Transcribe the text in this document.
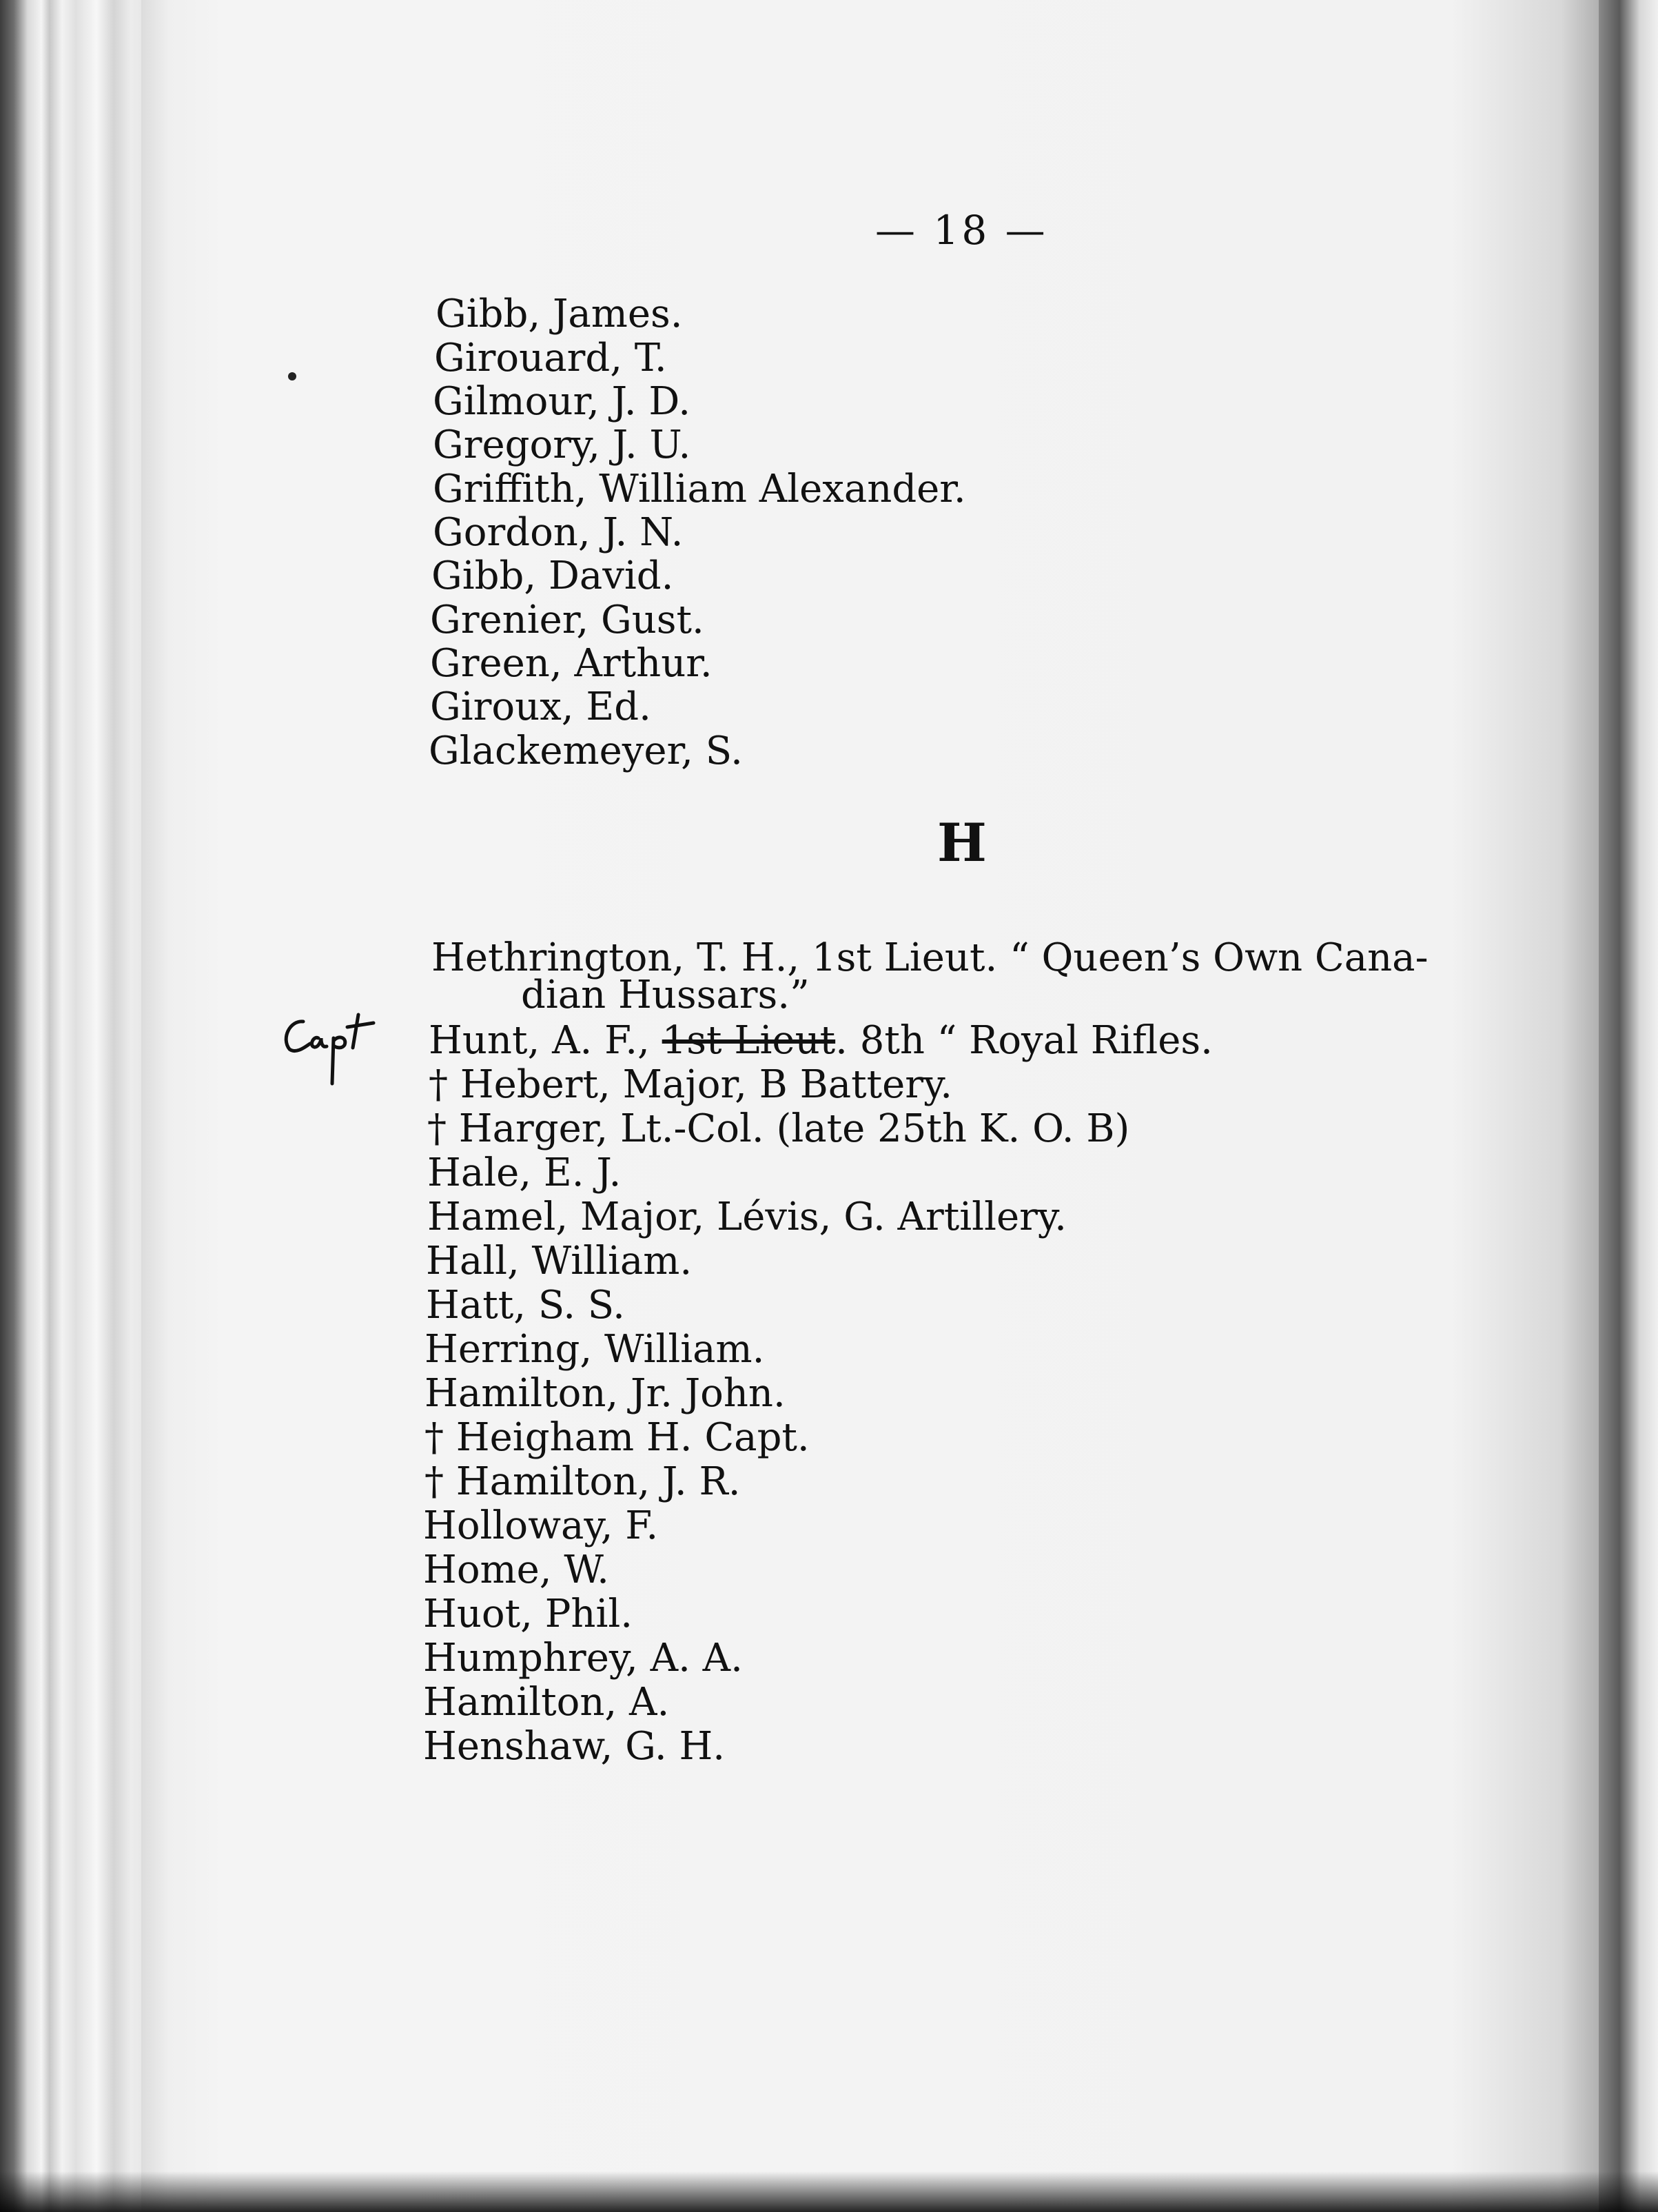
— 18 —
Gibb, James.
Girouard, T.
Gilmour, J. D.
Gregory, J. U.
Griffith, William Alexander.
Gordon, J. N.
Gibb, David.
Grenier, Gust.
Green, Arthur.
Giroux, Ed.
Glackemeyer, S.
H
Hethrington, T. H., 1st Lieut. “ Queen’s Own Cana-
dian Hussars.”
Hunt, A. F., 1st Lieut. 8th “ Royal Rifles.
† Hebert, Major, B Battery.
† Harger, Lt.-Col. (late 25th K. O. B)
Hale, E. J.
Hamel, Major, Lévis, G. Artillery.
Hall, William.
Hatt, S. S.
Herring, William.
Hamilton, Jr. John.
† Heigham H. Capt.
† Hamilton, J. R.
Holloway, F.
Home, W.
Huot, Phil.
Humphrey, A. A.
Hamilton, A.
Henshaw, G. H.
